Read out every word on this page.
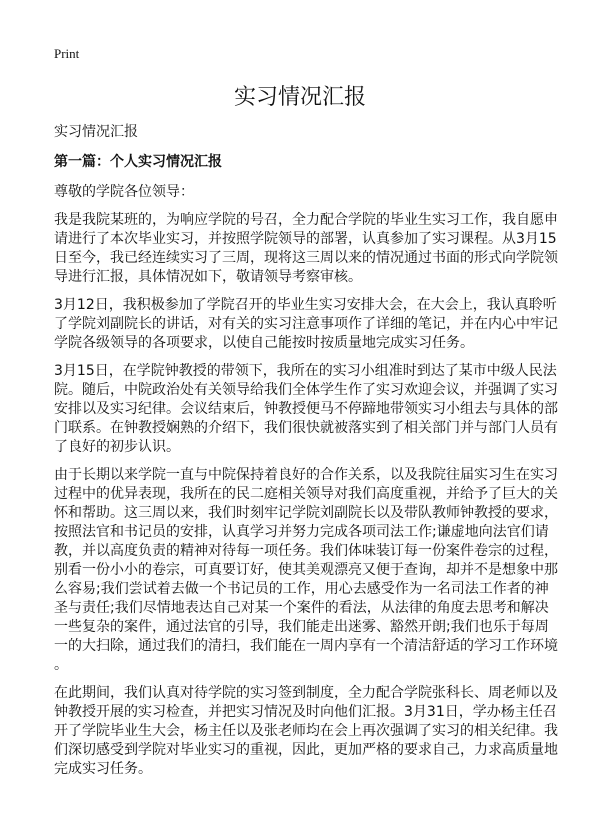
Print
实习情况汇报
实习情况汇报
第一篇：个人实习情况汇报
尊敬的学院各位领导：
我是我院某班的，为响应学院的号召，全力配合学院的毕业生实习工作，我自愿申
请进行了本次毕业实习，并按照学院领导的部署，认真参加了实习课程。从3月15
日至今，我已经连续实习了三周，现将这三周以来的情况通过书面的形式向学院领
导进行汇报，具体情况如下，敬请领导考察审核。
3月12日，我积极参加了学院召开的毕业生实习安排大会，在大会上，我认真聆听
了学院刘副院长的讲话，对有关的实习注意事项作了详细的笔记，并在内心中牢记
学院各级领导的各项要求，以使自己能按时按质量地完成实习任务。
3月15日，在学院钟教授的带领下，我所在的实习小组准时到达了某市中级人民法
院。随后，中院政治处有关领导给我们全体学生作了实习欢迎会议，并强调了实习
安排以及实习纪律。会议结束后，钟教授便马不停蹄地带领实习小组去与具体的部
门联系。在钟教授娴熟的介绍下，我们很快就被落实到了相关部门并与部门人员有
了良好的初步认识。
由于长期以来学院一直与中院保持着良好的合作关系，以及我院往届实习生在实习
过程中的优异表现，我所在的民二庭相关领导对我们高度重视，并给予了巨大的关
怀和帮助。这三周以来，我们时刻牢记学院刘副院长以及带队教师钟教授的要求，
按照法官和书记员的安排，认真学习并努力完成各项司法工作;谦虚地向法官们请
教，并以高度负责的精神对待每一项任务。我们体味装订每一份案件卷宗的过程，
别看一份小小的卷宗，可真要订好，使其美观漂亮又便于查询，却并不是想象中那
么容易;我们尝试着去做一个书记员的工作，用心去感受作为一名司法工作者的神
圣与责任;我们尽情地表达自己对某一个案件的看法，从法律的角度去思考和解决
一些复杂的案件，通过法官的引导，我们能走出迷雾、豁然开朗;我们也乐于每周
一的大扫除，通过我们的清扫，我们能在一周内享有一个清洁舒适的学习工作环境
。
在此期间，我们认真对待学院的实习签到制度，全力配合学院张科长、周老师以及
钟教授开展的实习检查，并把实习情况及时向他们汇报。3月31日，学办杨主任召
开了学院毕业生大会，杨主任以及张老师均在会上再次强调了实习的相关纪律。我
们深切感受到学院对毕业实习的重视，因此，更加严格的要求自己，力求高质量地
完成实习任务。
